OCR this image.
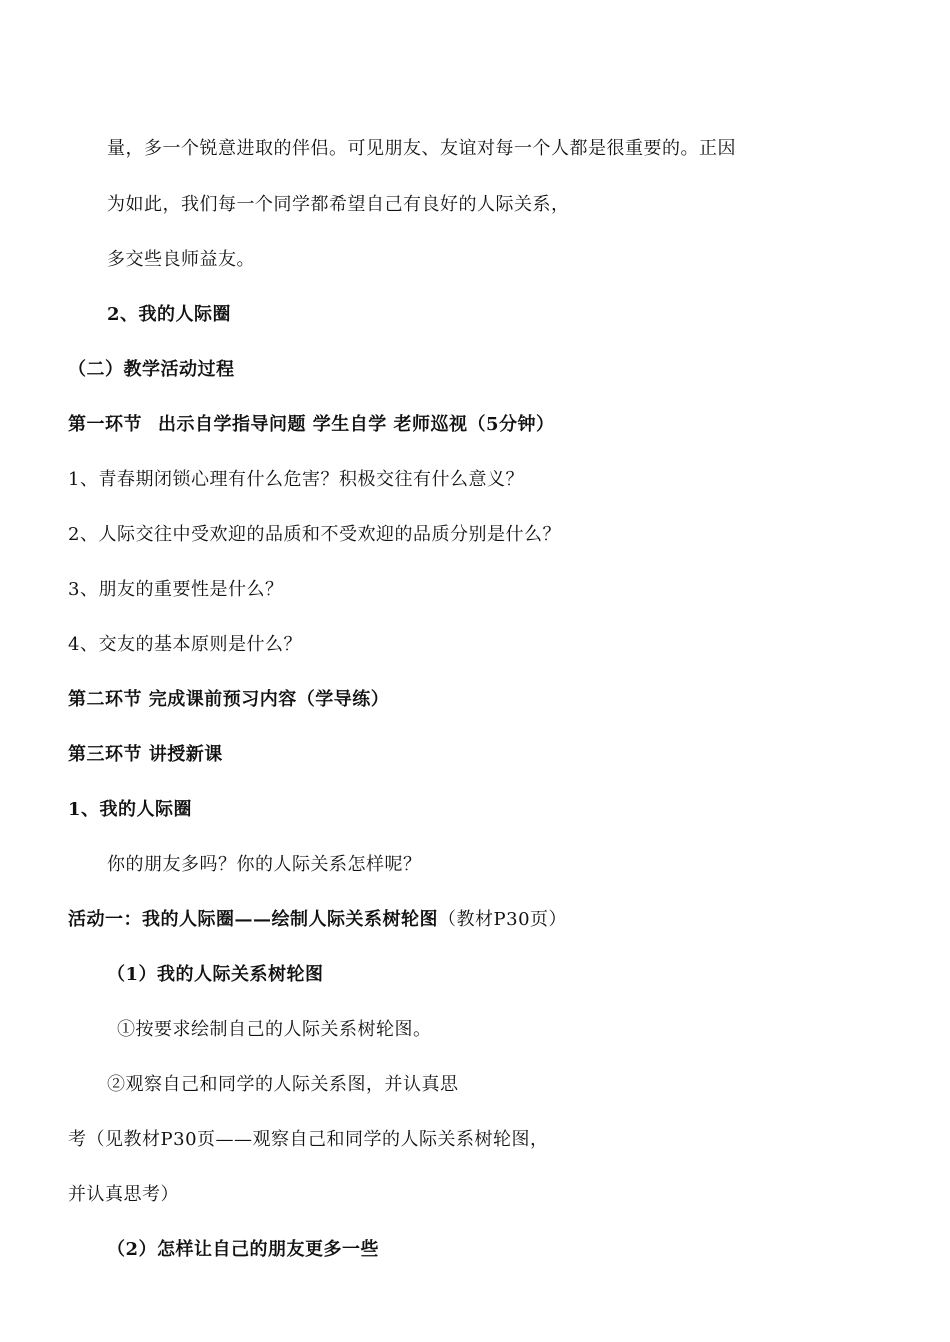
量，多一个锐意进取的伴侣。可见朋友、友谊对每一个人都是很重要的。正因
为如此，我们每一个同学都希望自己有良好的人际关系，
多交些良师益友。
2、我的人际圈
（二）教学活动过程
第一环节 出示自学指导问题 学生自学 老师巡视（5分钟）
1、青春期闭锁心理有什么危害？积极交往有什么意义？
2、人际交往中受欢迎的品质和不受欢迎的品质分别是什么？
3、朋友的重要性是什么？
4、交友的基本原则是什么？
第二环节 完成课前预习内容（学导练）
第三环节 讲授新课
1、我的人际圈
你的朋友多吗？你的人际关系怎样呢？
活动一：我的人际圈——绘制人际关系树轮图（教材P30页）
（1）我的人际关系树轮图
①按要求绘制自己的人际关系树轮图。
②观察自己和同学的人际关系图，并认真思
考（见教材P30页——观察自己和同学的人际关系树轮图，
并认真思考）
（2）怎样让自己的朋友更多一些
